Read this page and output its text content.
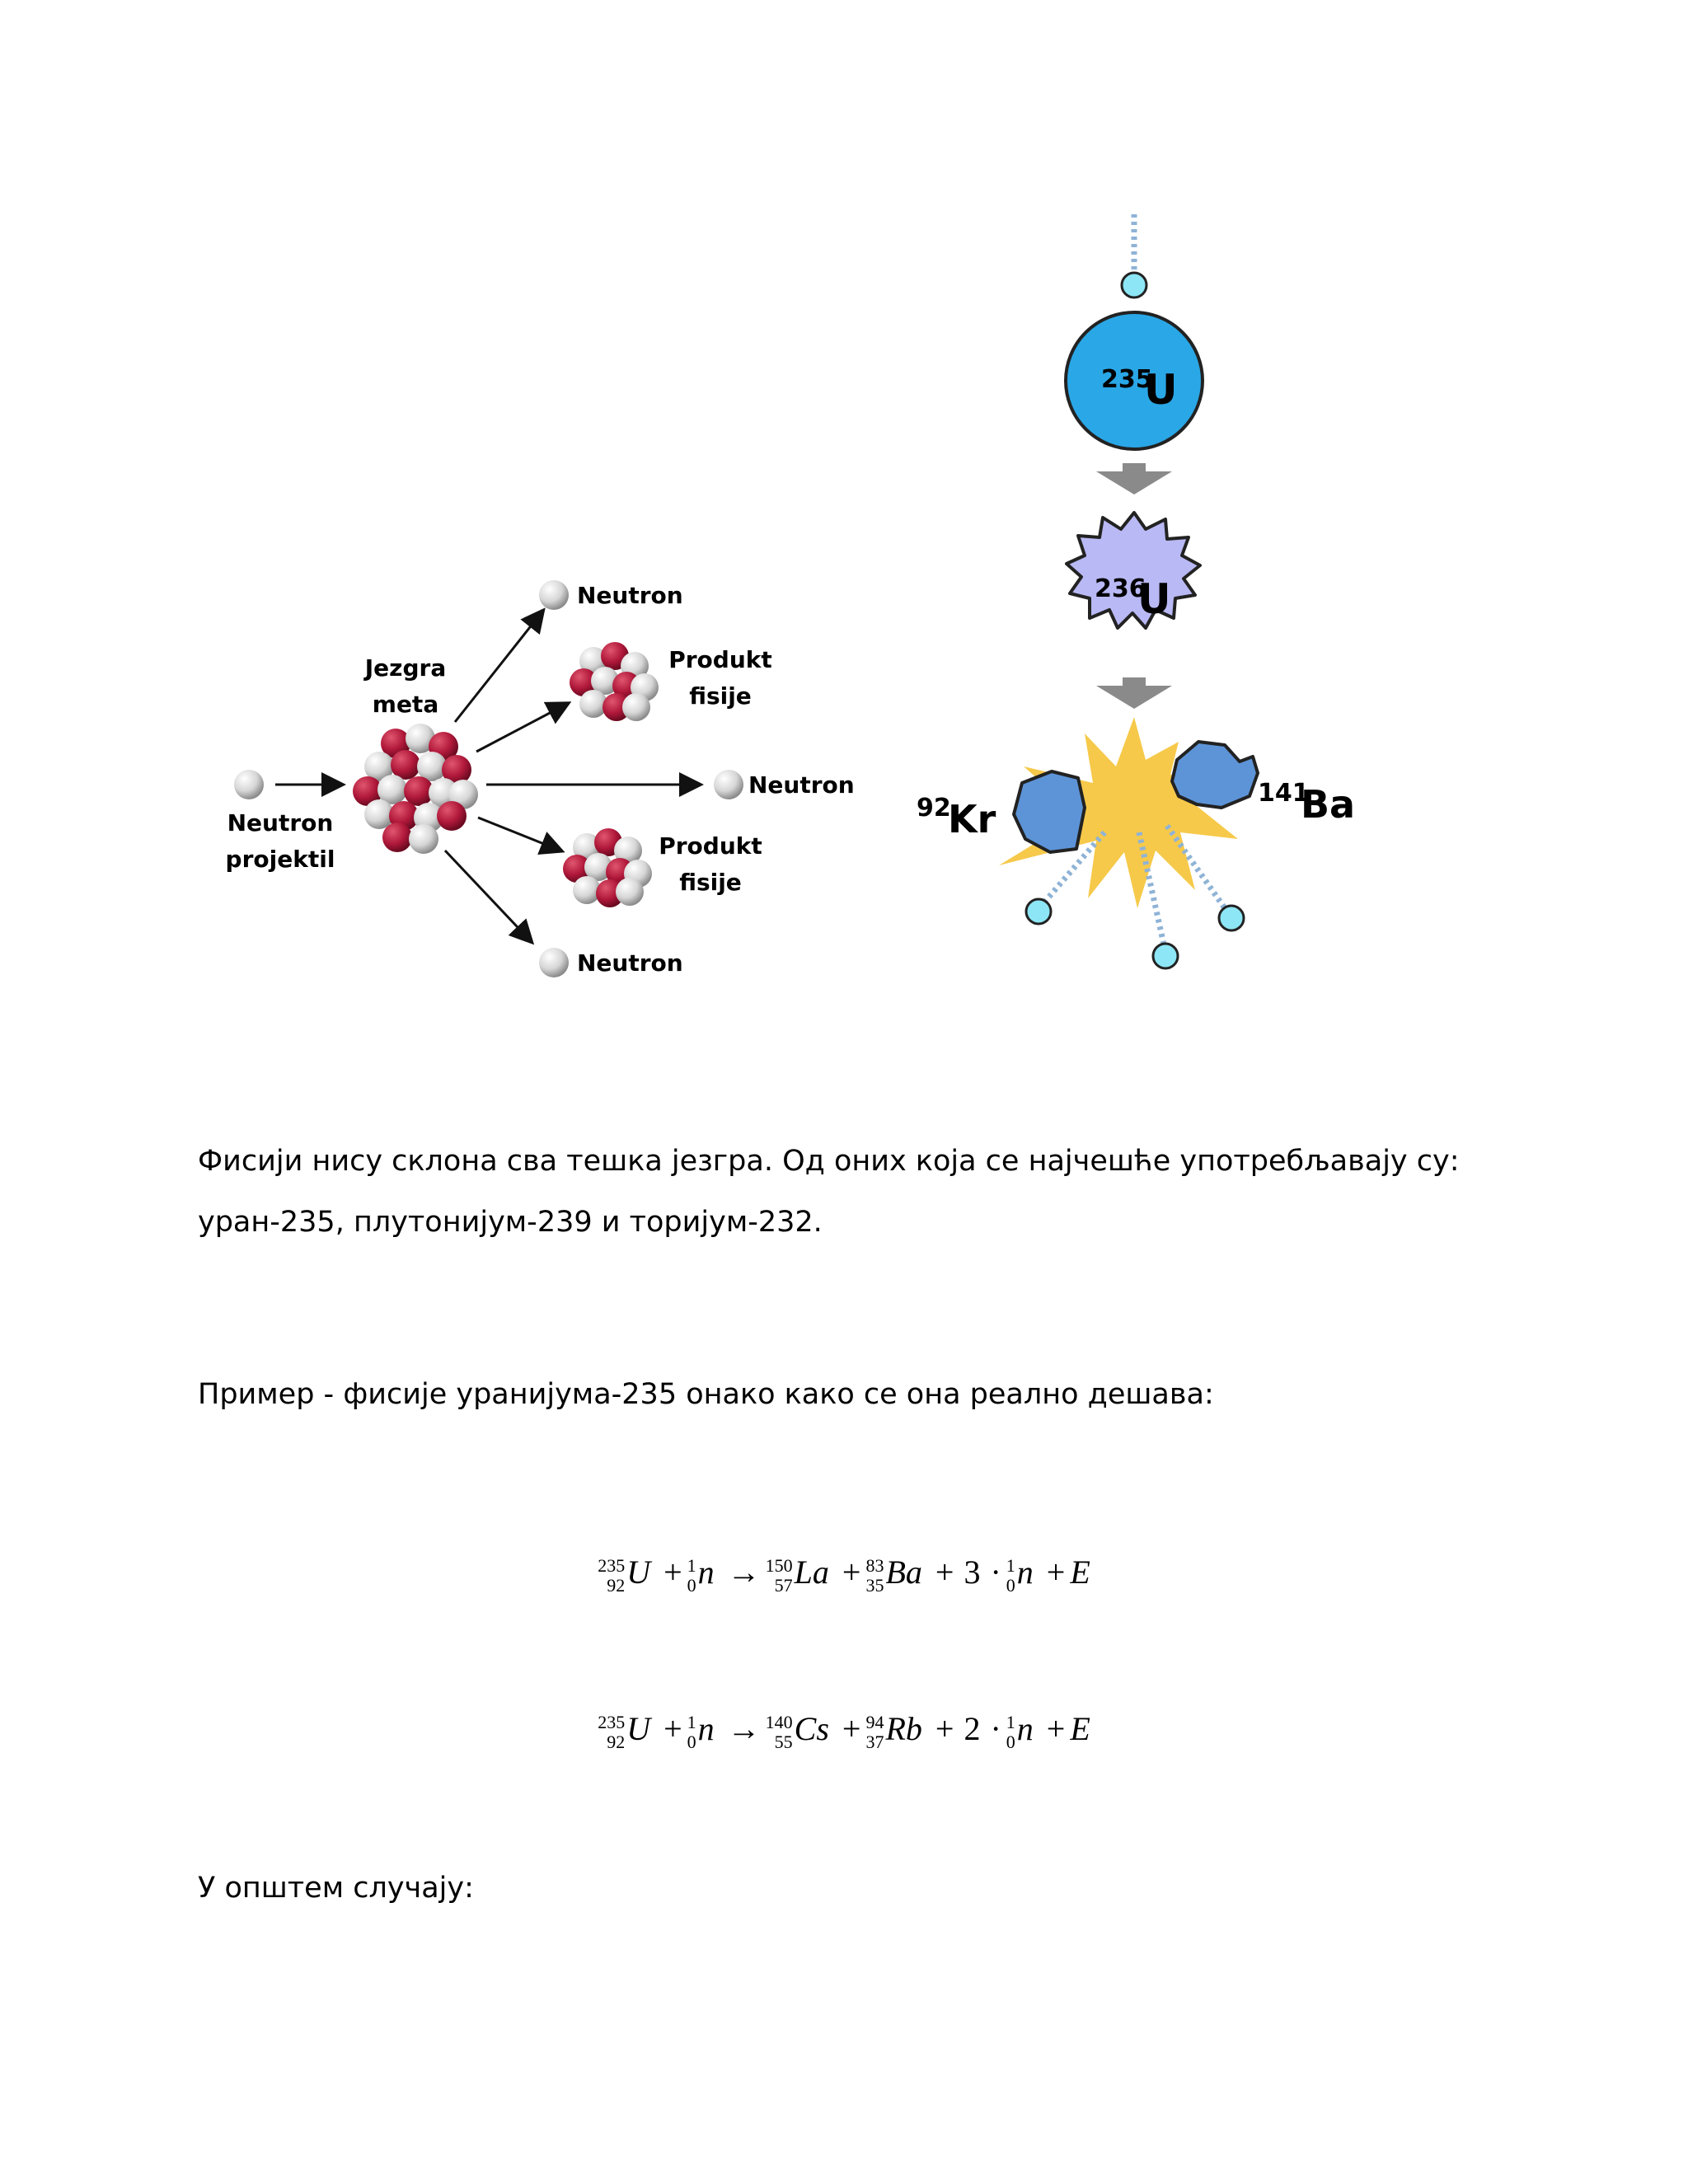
Neutron
projektil
Jezgra
meta
Neutron
Neutron
Neutron
Produkt
fisije
Produkt
fisije
235
U
236
U
92
Kr
141
Ba
Фисији нису склона сва тешка језгра. Од оних која се најчешће употребљавају су: уран-235, плутонијум-239 и торијум-232.
Пример - фисије уранијума-235 онако како се она реално дешава:
235
92 U + 1
0 n → 150
57 La + 83
35 Ba + 3 · 1
0 n + E
235
92 U + 1
0 n → 140
55 Cs + 94
37 Rb + 2 · 1
0 n + E
У општем случају:
